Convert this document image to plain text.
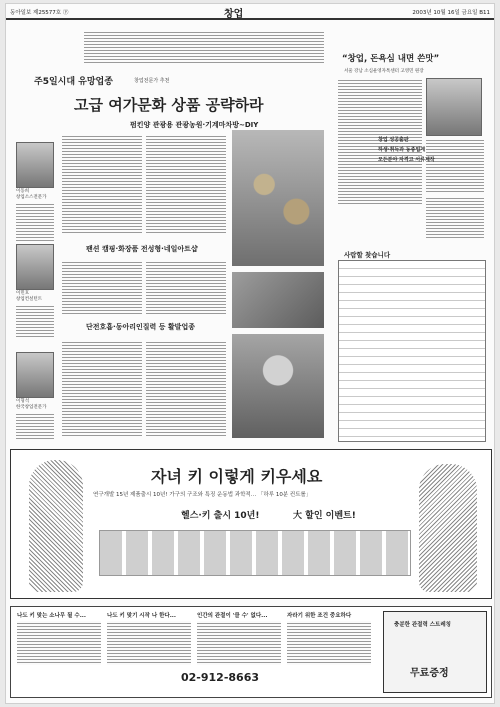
동아일보 제25577호 ㊦	창업	2003년 10월 16일 금요일 B11
주5일시대 유망업종	창업전문가 추천
고급 여가문화 상품 공략하라
펌킨양 관광용 관광농원·기계마차방~DIY
이동희
창업소스전문가
이민호
창업컨설턴트
이형석
한국창업전문가
팬션 캠핑·화장품 전성형·네일아트샵
단전호흡·동아리인질력 등 활발업종
“창업, 돈욕심 내면 쓴맛”
서울 강남 소심운영자톡센터 고영민 원장
창업 성공출판
하생·취득과 동종업계
모든분야 자격고 서류제작
사람할 찾습니다
자녀 키 이렇게 키우세요
연구개발 15년 제품출시 10년! 가구의 구조와 특징 운동법 과학적… 「하루 10분 컨트롤」
헬스·키 출시 10년!	大 할인 이벤트!
나도 키 맞는 소나무 될 수...	나도 키 맞기 시작 나 한다...	인간의 관절이 '클 수' 없다...	자라기 위한 조건 중요하다
02-912-8663
충분한 관절력 스트레칭
무료증정
